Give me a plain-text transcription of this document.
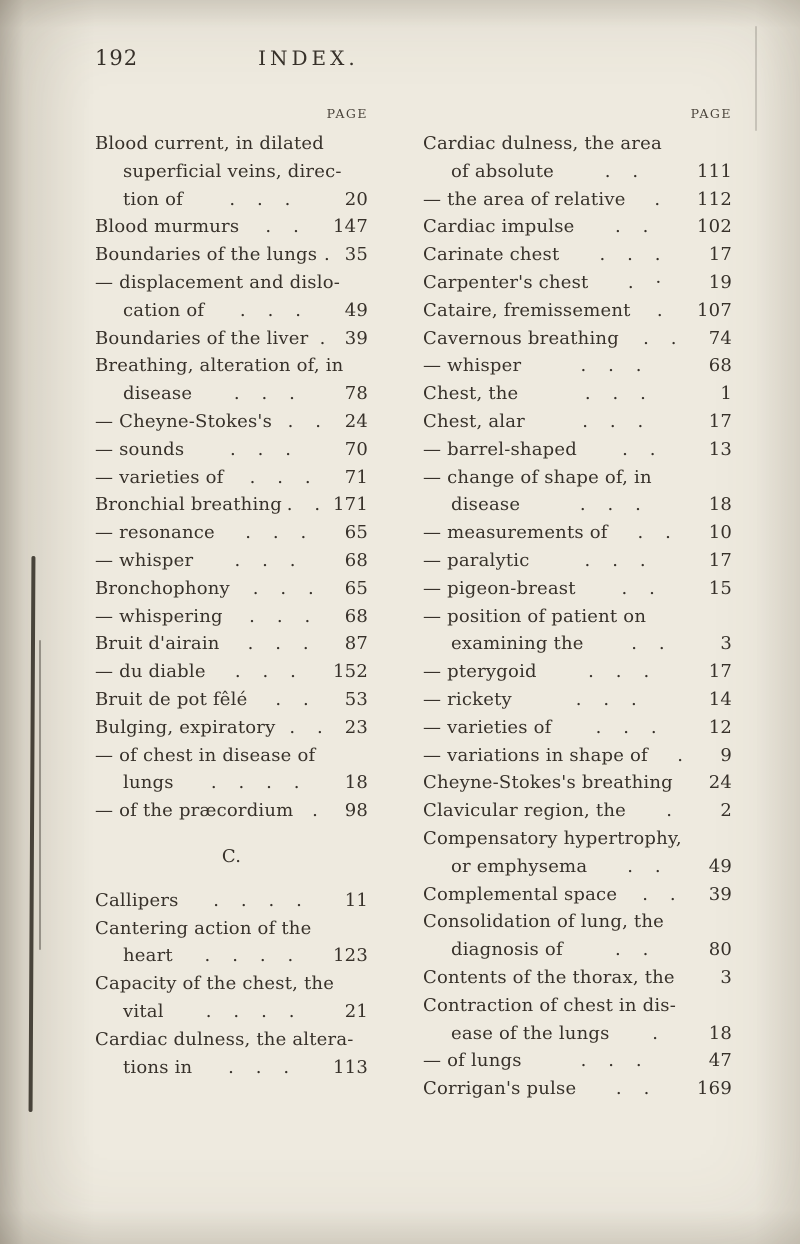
192	INDEX.
PAGE
Blood current, in dilated
superficial veins, direc-
tion of	. . .	20
Blood murmurs	. .	147
Boundaries of the lungs . 35
— displacement and dislo-
cation of	. . .	49
Boundaries of the liver . 39
Breathing, alteration of, in
disease	. . .	78
— Cheyne-Stokes's . . 24
— sounds	. . .	70
— varieties of	. . .	71
Bronchial breathing . . 171
— resonance	. . .	65
— whisper	. . .	68
Bronchophony	. . .	65
— whispering	. . .	68
Bruit d'airain	. . .	87
— du diable	. . .	152
Bruit de pot fêlé	. .	53
Bulging, expiratory . . 23
— of chest in disease of
lungs	. . . .	18
— of the præcordium	.	98
C.
Callipers	. . . .	11
Cantering action of the
heart	. . . .	123
Capacity of the chest, the
vital	. . . .	21
Cardiac dulness, the altera-
tions in	. . .	113
PAGE
Cardiac dulness, the area
of absolute	. .	111
— the area of relative	.	112
Cardiac impulse	. .	102
Carinate chest	. . .	17
Carpenter's chest	. ·	19
Cataire, fremissement	.	107
Cavernous breathing	. .	74
— whisper	. . .	68
Chest, the	. . .	1
Chest, alar	. . .	17
— barrel-shaped	. .	13
— change of shape of, in
disease	. . .	18
— measurements of	. .	10
— paralytic	. . .	17
— pigeon-breast	. .	15
— position of patient on
examining the	. .	3
— pterygoid	. . .	17
— rickety	. . .	14
— varieties of	. . .	12
— variations in shape of	.	9
Cheyne-Stokes's breathing 24
Clavicular region, the	.	2
Compensatory hypertrophy,
or emphysema	. .	49
Complemental space	. .	39
Consolidation of lung, the
diagnosis of	. .	80
Contents of the thorax, the	3
Contraction of chest in dis-
ease of the lungs	.	18
— of lungs	. . .	47
Corrigan's pulse	. .	169
